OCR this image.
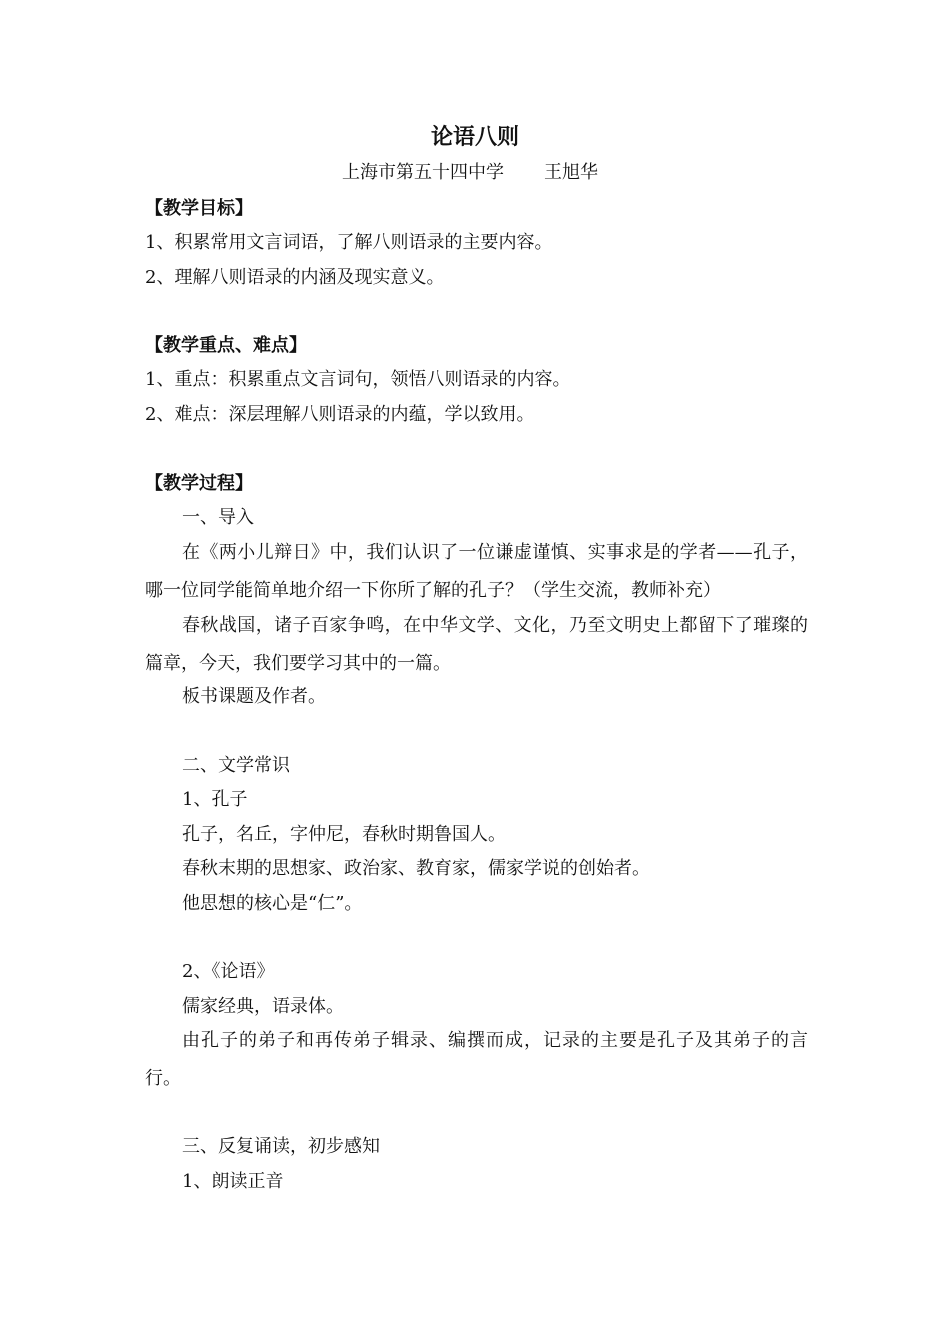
论语八则
上海市第五十四中学 王旭华
【教学目标】
1、积累常用文言词语，了解八则语录的主要内容。
2、理解八则语录的内涵及现实意义。
【教学重点、难点】
1、重点：积累重点文言词句，领悟八则语录的内容。
2、难点：深层理解八则语录的内蕴，学以致用。
【教学过程】
一、导入
在《两小儿辩日》中，我们认识了一位谦虚谨慎、实事求是的学者——孔子，哪一位同学能简单地介绍一下你所了解的孔子？（学生交流，教师补充）
春秋战国，诸子百家争鸣，在中华文学、文化，乃至文明史上都留下了璀璨的篇章，今天，我们要学习其中的一篇。
板书课题及作者。
二、文学常识
1、孔子
孔子，名丘，字仲尼，春秋时期鲁国人。
春秋末期的思想家、政治家、教育家，儒家学说的创始者。
他思想的核心是“仁”。
2、《论语》
儒家经典，语录体。
由孔子的弟子和再传弟子辑录、编撰而成，记录的主要是孔子及其弟子的言行。
三、反复诵读，初步感知
1、朗读正音
